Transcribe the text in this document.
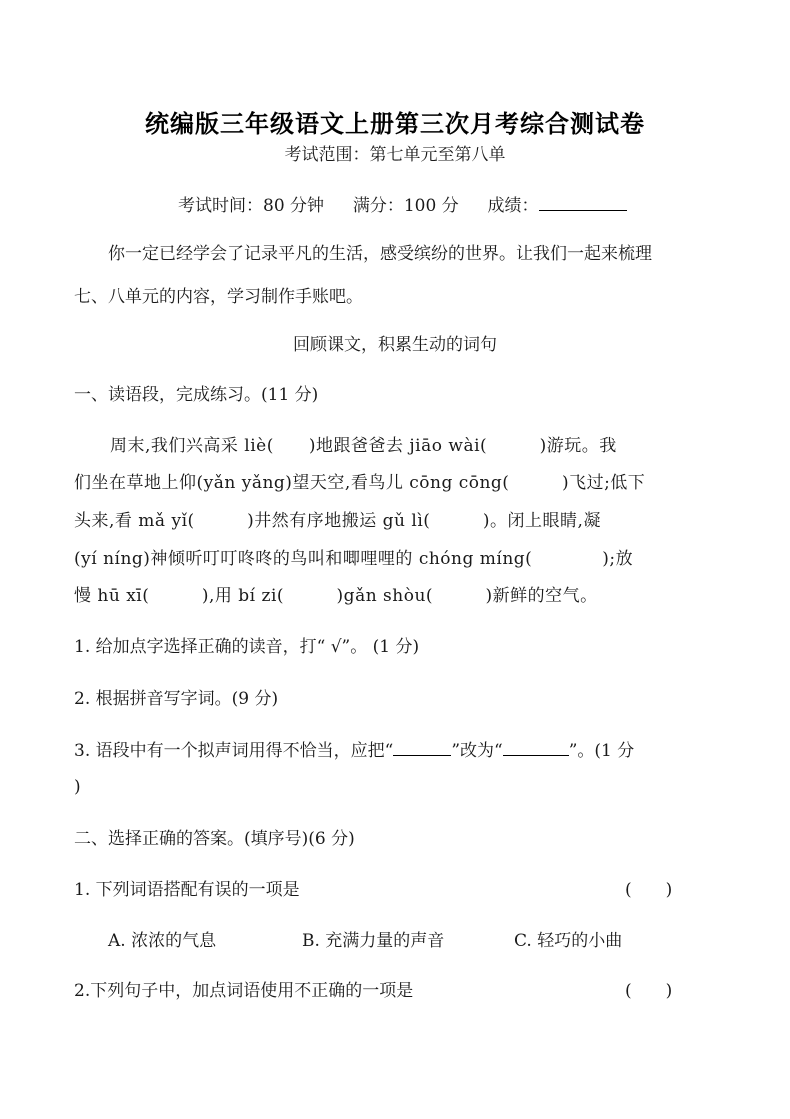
统编版三年级语文上册第三次月考综合测试卷
考试范围：第七单元至第八单
考试时间：80 分钟 满分：100 分 成绩：
你一定已经学会了记录平凡的生活，感受缤纷的世界。让我们一起来梳理
七、八单元的内容，学习制作手账吧。
回顾课文，积累生动的词句
一、读语段，完成练习。(11 分)
周末,我们兴高采 liè(　　)地跟爸爸去 jiāo wài(　　　)游玩。我
们坐在草地上仰(yǎn yǎng)望天空,看鸟儿 cōng cōng(　　　)飞过;低下
头来,看 mǎ yǐ(　　　)井然有序地搬运 gǔ lì(　　　)。闭上眼睛,凝
(yí níng)神倾听叮叮咚咚的鸟叫和唧哩哩的 chóng míng(　　　　);放
慢 hū xī(　　　),用 bí zi(　　　)gǎn shòu(　　　)新鲜的空气。
1. 给加点字选择正确的读音，打“ √”。 (1 分)
2. 根据拼音写字词。(9 分)
3. 语段中有一个拟声词用得不恰当，应把“	”改为“	”。(1 分
)
二、选择正确的答案。(填序号)(6 分)
1. 下列词语搭配有误的一项是	(　　)
A. 浓浓的气息	B. 充满力量的声音	C. 轻巧的小曲
2.下列句子中，加点词语使用不正确的一项是	(　　)
